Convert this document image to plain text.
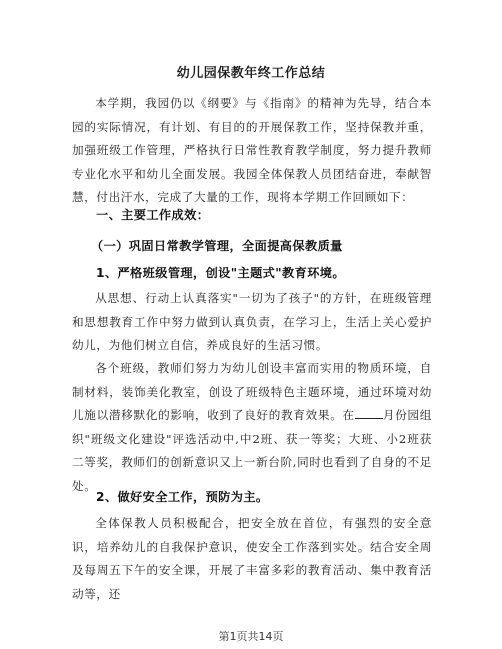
幼儿园保教年终工作总结
本学期，我园仍以《纲要》与《指南》的精神为先导，结合本园的实际情况，有计划、有目的的开展保教工作，坚持保教并重，加强班级工作管理，严格执行日常性教育教学制度，努力提升教师专业化水平和幼儿全面发展。我园全体保教人员团结奋进，奉献智慧，付出汗水，完成了大量的工作，现将本学期工作回顾如下：
一、主要工作成效：
（一）巩固日常教学管理，全面提高保教质量
1、严格班级管理，创设"主题式"教育环境。
从思想、行动上认真落实"一切为了孩子"的方针，在班级管理和思想教育工作中努力做到认真负责，在学习上，生活上关心爱护幼儿，为他们树立自信，养成良好的生活习惯。
各个班级，教师们努力为幼儿创设丰富而实用的物质环境，自制材料，装饰美化教室，创设了班级特色主题环境，通过环境对幼儿施以潜移默化的影响，收到了良好的教育效果。在 月份园组织"班级文化建设"评选活动中,中2班、获一等奖；大班、小2班获二等奖，教师们的创新意识又上一新台阶,同时也看到了自身的不足处。
2、做好安全工作，预防为主。
全体保教人员积极配合，把安全放在首位，有强烈的安全意识，培养幼儿的自我保护意识，使安全工作落到实处。结合安全周及每周五下午的安全课，开展了丰富多彩的教育活动、集中教育活动等，还
第1页共14页
